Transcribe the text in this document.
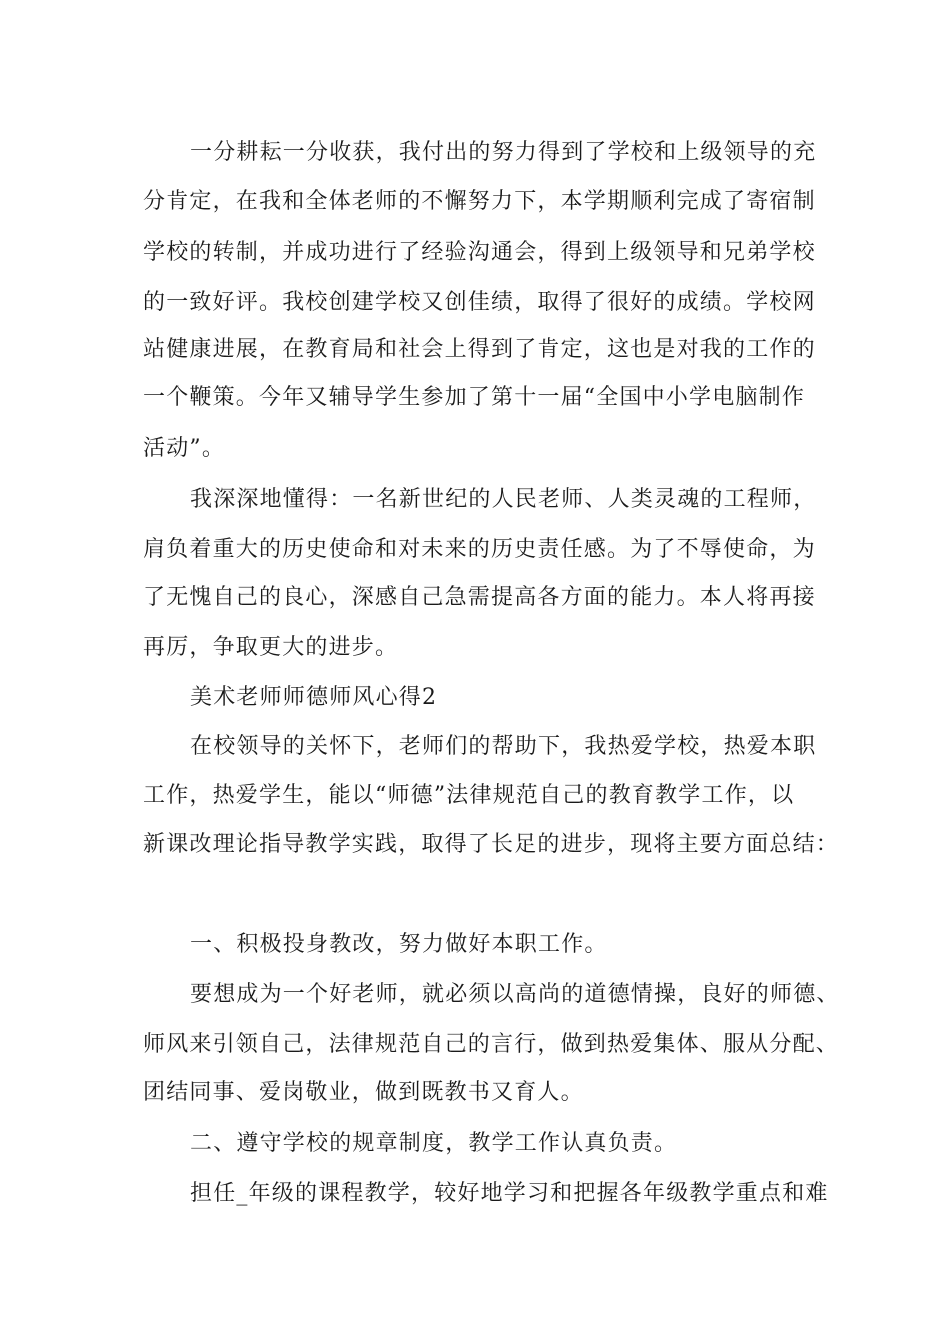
一分耕耘一分收获，我付出的努力得到了学校和上级领导的充
分肯定，在我和全体老师的不懈努力下，本学期顺利完成了寄宿制
学校的转制，并成功进行了经验沟通会，得到上级领导和兄弟学校
的一致好评。我校创建学校又创佳绩，取得了很好的成绩。学校网
站健康进展，在教育局和社会上得到了肯定，这也是对我的工作的
一个鞭策。今年又辅导学生参加了第十一届“全国中小学电脑制作
活动”。
我深深地懂得：一名新世纪的人民老师、人类灵魂的工程师，
肩负着重大的历史使命和对未来的历史责任感。为了不辱使命，为
了无愧自己的良心，深感自己急需提高各方面的能力。本人将再接
再厉，争取更大的进步。
美术老师师德师风心得2
在校领导的关怀下，老师们的帮助下，我热爱学校，热爱本职
工作，热爱学生，能以“师德”法律规范自己的教育教学工作，以
新课改理论指导教学实践，取得了长足的进步，现将主要方面总结：
一、积极投身教改，努力做好本职工作。
要想成为一个好老师，就必须以高尚的道德情操，良好的师德、
师风来引领自己，法律规范自己的言行，做到热爱集体、服从分配、
团结同事、爱岗敬业，做到既教书又育人。
二、遵守学校的规章制度，教学工作认真负责。
担任_年级的课程教学，较好地学习和把握各年级教学重点和难
